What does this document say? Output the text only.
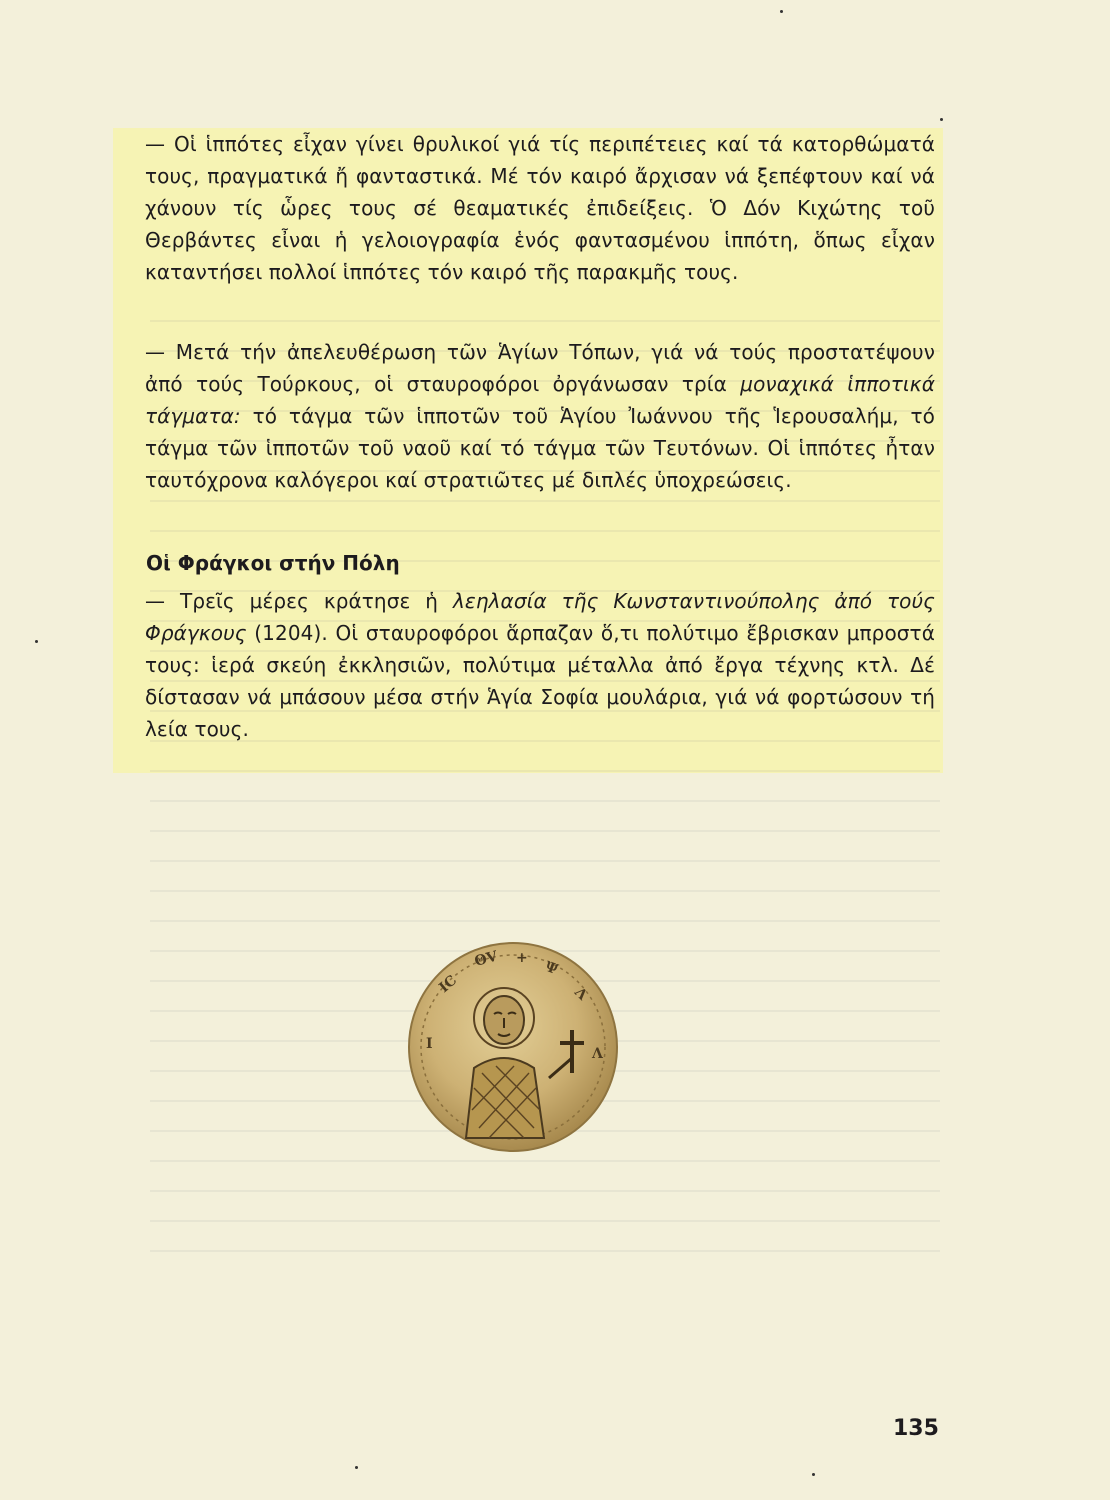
— Οἱ ἱππότες εἶχαν γίνει θρυλικοί γιά τίς περιπέτειες καί τά κατορθώματά τους, πραγματικά ἤ φανταστικά. Μέ τόν καιρό ἄρχισαν νά ξεπέφτουν καί νά χάνουν τίς ὧρες τους σέ θεαματικές ἐπιδείξεις. Ὁ Δόν Κιχώτης τοῦ Θερβάντες εἶναι ἡ γελοιογραφία ἑνός φαντασμένου ἱππότη, ὅπως εἶχαν καταντήσει πολλοί ἱππότες τόν καιρό τῆς παρακμῆς τους.

— Μετά τήν ἀπελευθέρωση τῶν Ἁγίων Τόπων, γιά νά τούς προστατέψουν ἀπό τούς Τούρκους, οἱ σταυροφόροι ὀργάνωσαν τρία μοναχικά ἱπποτικά τάγματα: τό τάγμα τῶν ἱπποτῶν τοῦ Ἁγίου Ἰωάννου τῆς Ἱερουσαλήμ, τό τάγμα τῶν ἱπποτῶν τοῦ ναοῦ καί τό τάγμα τῶν Τευτόνων. Οἱ ἱππότες ἦταν ταυτόχρονα καλόγεροι καί στρατιῶτες μέ διπλές ὑποχρεώσεις.

Οἱ Φράγκοι στήν Πόλη

— Τρεῖς μέρες κράτησε ἡ λεηλασία τῆς Κωνσταντινούπολης ἀπό τούς Φράγκους (1204). Οἱ σταυροφόροι ἅρπαζαν ὅ,τι πολύτιμο ἔβρισκαν μπροστά τους: ἱερά σκεύη ἐκκλησιῶν, πολύτιμα μέταλλα ἀπό ἔργα τέχνης κτλ. Δέ δίστασαν νά μπάσουν μέσα στήν Ἁγία Σοφία μουλάρια, γιά νά φορτώσουν τή λεία τους.

IC
ΘV +
Ψ
Λ
I
Λ
135
